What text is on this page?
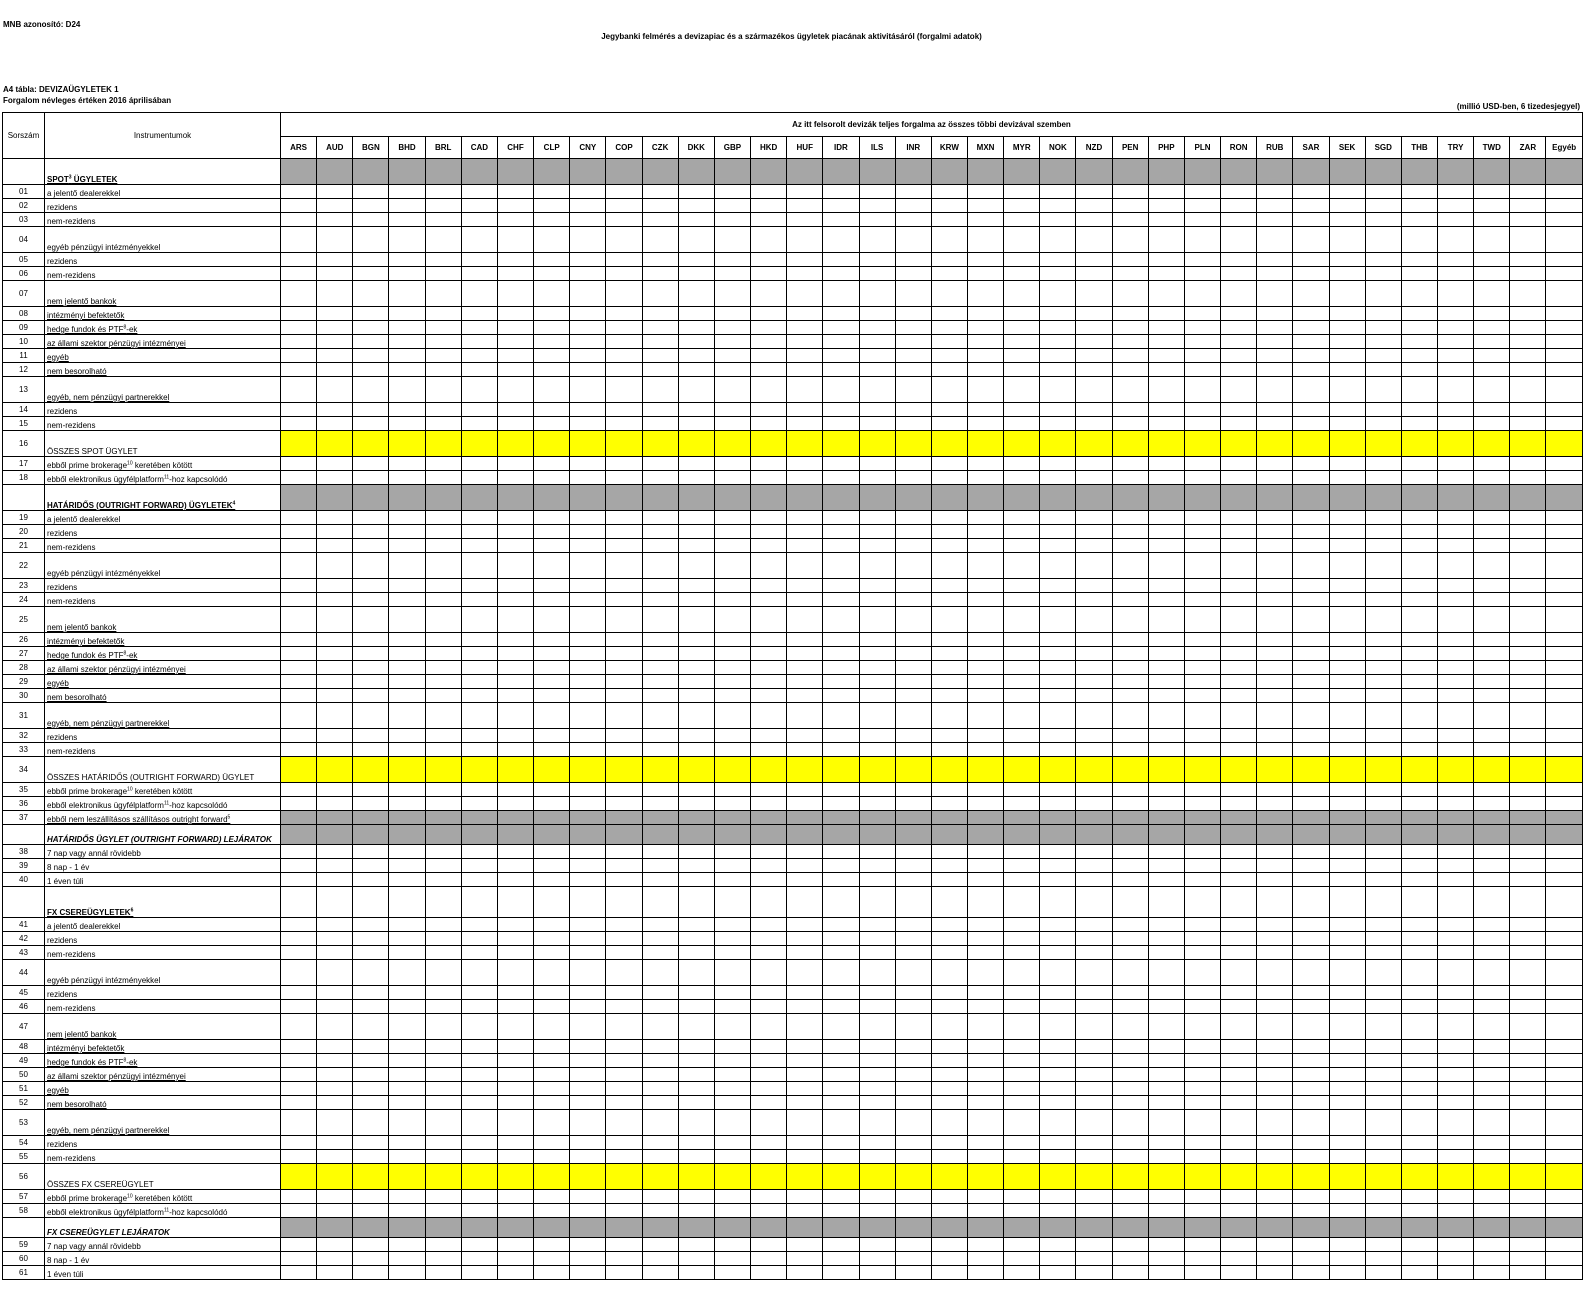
MNB azonosító: D24
Jegybanki felmérés a devizapiac és a származékos ügyletek piacának aktivitásáról (forgalmi adatok)
A4 tábla: DEVIZAÜGYLETEK 1
Forgalom névleges értéken 2016 áprilisában
(millió USD-ben, 6 tizedesjegyel)
Sorszám	Instrumentumok	Az itt felsorolt devizák teljes forgalma az összes többi devizával szemben																																			
		ARS	AUD	BGN	BHD	BRL	CAD	CHF	CLP	CNY	COP	CZK	DKK	GBP	HKD	HUF	IDR	ILS	INR	KRW	MXN	MYR	NOK	NZD	PEN	PHP	PLN	RON	RUB	SAR	SEK	SGD	THB	TRY	TWD	ZAR	Egyéb
	SPOT$^3$ ÜGYLETEK																																				
01	a jelentő dealerekkel																																				
02	rezidens																																				
03	nem-rezidens																																				
04	egyéb pénzügyi intézményekkel																																				
05	rezidens																																				
06	nem-rezidens																																				
07	nem jelentő bankok																																				
08	intézményi befektetők																																				
09	hedge fundok és PTF$^8$-ek																																				
10	az állami szektor pénzügyi intézményei																																				
11	egyéb																																				
12	nem besorolható																																				
13	egyéb, nem pénzügyi partnerekkel																																				
14	rezidens																																				
15	nem-rezidens																																				
16	ÖSSZES SPOT ÜGYLET																																				
17	ebből prime brokerage$^{10}$ keretében kötött																																				
18	ebből elektronikus ügyfélplatform$^{11}$-hoz kapcsolódó																																				
	HATÁRIDŐS (OUTRIGHT FORWARD) ÜGYLETEK$^4$																																				
19	a jelentő dealerekkel																																				
20	rezidens																																				
21	nem-rezidens																																				
22	egyéb pénzügyi intézményekkel																																				
23	rezidens																																				
24	nem-rezidens																																				
25	nem jelentő bankok																																				
26	intézményi befektetők																																				
27	hedge fundok és PTF$^8$-ek																																				
28	az állami szektor pénzügyi intézményei																																				
29	egyéb																																				
30	nem besorolható																																				
31	egyéb, nem pénzügyi partnerekkel																																				
32	rezidens																																				
33	nem-rezidens																																				
34	ÖSSZES HATÁRIDŐS (OUTRIGHT FORWARD) ÜGYLET																																				
35	ebből prime brokerage$^{10}$ keretében kötött																																				
36	ebből elektronikus ügyfélplatform$^{11}$-hoz kapcsolódó																																				
37	ebből nem leszállításos szállításos outright forward$^5$																																				
	HATÁRIDŐS ÜGYLET (OUTRIGHT FORWARD) LEJÁRATOK																																				
38	7 nap vagy annál rövidebb																																				
39	8 nap - 1 év																																				
40	1 éven túli																																				
	FX CSEREÜGYLETEK$^6$																																				
41	a jelentő dealerekkel																																				
42	rezidens																																				
43	nem-rezidens																																				
44	egyéb pénzügyi intézményekkel																																				
45	rezidens																																				
46	nem-rezidens																																				
47	nem jelentő bankok																																				
48	intézményi befektetők																																				
49	hedge fundok és PTF$^8$-ek																																				
50	az állami szektor pénzügyi intézményei																																				
51	egyéb																																				
52	nem besorolható																																				
53	egyéb, nem pénzügyi partnerekkel																																				
54	rezidens																																				
55	nem-rezidens																																				
56	ÖSSZES FX CSEREÜGYLET																																				
57	ebből prime brokerage$^{10}$ keretében kötött																																				
58	ebből elektronikus ügyfélplatform$^{11}$-hoz kapcsolódó																																				
	FX CSEREÜGYLET LEJÁRATOK																																				
59	7 nap vagy annál rövidebb																																				
60	8 nap - 1 év																																				
61	1 éven túli																																				
